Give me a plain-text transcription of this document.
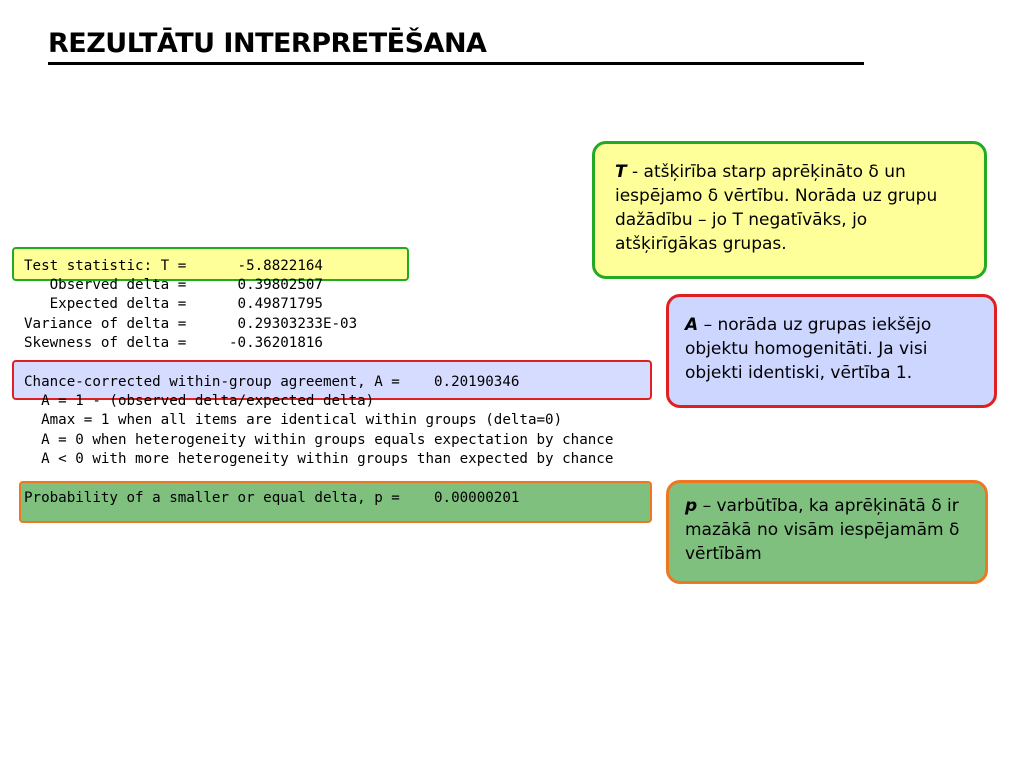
REZULTĀTU INTERPRETĒŠANA
Test statistic: T =      -5.8822164
Observed delta =      0.39802507
Expected delta =      0.49871795
Variance of delta =      0.29303233E-03
Skewness of delta =     -0.36201816
Chance-corrected within-group agreement, A =    0.20190346
A = 1 - (observed delta/expected delta)
Amax = 1 when all items are identical within groups (delta=0)
A = 0 when heterogeneity within groups equals expectation by chance
A < 0 with more heterogeneity within groups than expected by chance
Probability of a smaller or equal delta, p =    0.00000201
T - atšķirība starp aprēķināto δ un iespējamo δ vērtību. Norāda uz grupu dažādību – jo T negatīvāks, jo atšķirīgākas grupas.
A – norāda uz grupas iekšējo objektu homogenitāti. Ja visi objekti identiski, vērtība 1.
p – varbūtība, ka aprēķinātā δ ir mazākā no visām iespējamām δ vērtībām
